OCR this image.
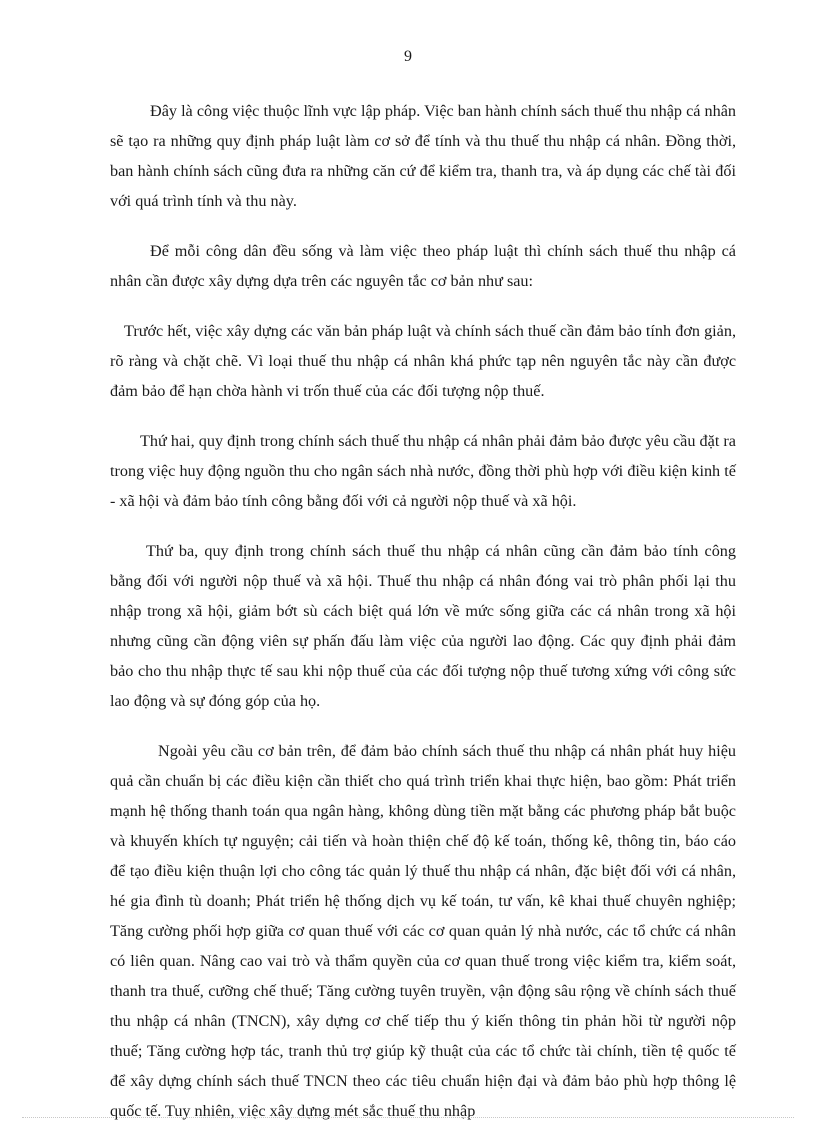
9

Đây là công việc thuộc lĩnh vực lập pháp. Việc ban hành chính sách thuế thu nhập cá nhân sẽ tạo ra những quy định pháp luật làm cơ sở để tính và thu thuế thu nhập cá nhân. Đồng thời, ban hành chính sách cũng đưa ra những căn cứ để kiểm tra, thanh tra, và áp dụng các chế tài đối với quá trình tính và thu này.

Để mỗi công dân đều sống và làm việc theo pháp luật thì chính sách thuế thu nhập cá nhân cần được xây dựng dựa trên các nguyên tắc cơ bản như sau:

Trước hết, việc xây dựng các văn bản pháp luật và chính sách thuế cần đảm bảo tính đơn giản, rõ ràng và chặt chẽ. Vì loại thuế thu nhập cá nhân khá phức tạp nên nguyên tắc này cần được đảm bảo để hạn chờa hành vi trốn thuế của các đối tượng nộp thuế.

Thứ hai, quy định trong chính sách thuế thu nhập cá nhân phải đảm bảo được yêu cầu đặt ra trong việc huy động nguồn thu cho ngân sách nhà nước, đồng thời phù hợp với điều kiện kinh tế - xã hội và đảm bảo tính công bằng đối với cả người nộp thuế và xã hội.

Thứ ba, quy định trong chính sách thuế thu nhập cá nhân cũng cần đảm bảo tính công bằng đối với người nộp thuế và xã hội. Thuế thu nhập cá nhân đóng vai trò phân phối lại thu nhập trong xã hội, giảm bớt sù cách biệt quá lớn về mức sống giữa các cá nhân trong xã hội nhưng cũng cần động viên sự phấn đấu làm việc của người lao động. Các quy định phải đảm bảo cho thu nhập thực tế sau khi nộp thuế của các đối tượng nộp thuế tương xứng với công sức lao động và sự đóng góp của họ.

Ngoài yêu cầu cơ bản trên, để đảm bảo chính sách thuế thu nhập cá nhân phát huy hiệu quả cần chuẩn bị các điều kiện cần thiết cho quá trình triển khai thực hiện, bao gồm: Phát triển mạnh hệ thống thanh toán qua ngân hàng, không dùng tiền mặt bằng các phương pháp bắt buộc và khuyến khích tự nguyện; cải tiến và hoàn thiện chế độ kế toán, thống kê, thông tin, báo cáo để tạo điều kiện thuận lợi cho công tác quản lý thuế thu nhập cá nhân, đặc biệt đối với cá nhân, hé gia đình tù doanh; Phát triển hệ thống dịch vụ kế toán, tư vấn, kê khai thuế chuyên nghiệp; Tăng cường phối hợp giữa cơ quan thuế với các cơ quan quản lý nhà nước, các tổ chức cá nhân có liên quan. Nâng cao vai trò và thẩm quyền của cơ quan thuế trong việc kiểm tra, kiểm soát, thanh tra thuế, cưỡng chế thuế; Tăng cường tuyên truyền, vận động sâu rộng về chính sách thuế thu nhập cá nhân (TNCN), xây dựng cơ chế tiếp thu ý kiến thông tin phản hồi từ người nộp thuế; Tăng cường hợp tác, tranh thủ trợ giúp kỹ thuật của các tổ chức tài chính, tiền tệ quốc tế để xây dựng chính sách thuế TNCN theo các tiêu chuẩn hiện đại và đảm bảo phù hợp thông lệ quốc tế. Tuy nhiên, việc xây dựng mét sắc thuế thu nhập
